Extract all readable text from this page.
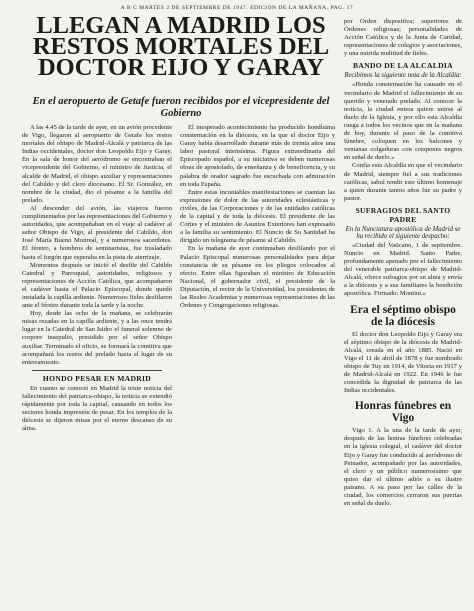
A B C MARTES 2 DE SEPTIEMBRE DE 1947. EDICION DE LA MAÑANA, PAG. 17
LLEGAN A MADRID LOS RESTOS MORTALES DEL DOCTOR EIJO Y GARAY
En el aeropuerto de Getafe fueron recibidos por el vicepresidente del Gobierno

A las 4.45 de la tarde de ayer, en un avión procedente de Vigo, llegaron al aeropuerto de Getafe los restos mortales del obispo de Madrid-Alcalá y patriarca de las Indias occidentales, doctor don Leopoldo Eijo y Garay. En la sala de honor del aeródromo se encontraban el vicepresidente del Gobierno, el ministro de Justicia, el alcalde de Madrid, el obispo auxiliar y representaciones del Cabildo y del clero diocesano. El Sr. González, en nombre de la ciudad, dio el pésame a la familia del prelado.

Al descender del avión, las viajeros fueron cumplimentados por las representaciones del Gobierno y autoridades, que acompañaban en el viaje al cadáver al señor Obispo de Vigo, al presidente del Cabildo, don José María Bueno Monreal, y a numerosos sacerdotes. El féretro, a hombros de seminaristas, fue trasladado hasta el furgón que esperaba en la pista de aterrizaje.

Momentos después se inició el desfile del Cabildo Catedral y Parroquial, autoridades, religiosos y representaciones de Acción Católica, que acompañaron el cadáver hasta el Palacio Episcopal, donde quedó instalada la capilla ardiente. Numerosos fieles desfilaron ante el féretro durante toda la tarde y la noche.

Hoy, desde las ocho de la mañana, se celebrarán misas rezadas en la capilla ardiente, y a las once tendrá lugar en la Catedral de San Isidro el funeral solemne de corpore insepulto, presidido por el señor Obispo auxiliar. Terminado el oficio, se formará la comitiva que acompañará los restos del prelado hasta el lugar de su enterramiento.

HONDO PESAR EN MADRID

En cuanto se conoció en Madrid la triste noticia del fallecimiento del patriarca-obispo, la noticia se extendió rápidamente por toda la capital, causando en todos los sectores honda impresión de pesar. En los templos de la diócesis se dijeron misas por el eterno descanso de su alma.

El inesperado acontecimiento ha producido hondísima consternación en la diócesis, en la que el doctor Eijo y Garay había desarrollado durante más de treinta años una labor pastoral intensísima. Figura extraordinaria del Episcopado español, a su iniciativa se deben numerosas obras de apostolado, de enseñanza y de beneficencia, y su palabra de orador sagrado fue escuchada con admiración en toda España.

Entre estas incontables manifestaciones se cuentan las expresiones de dolor de las autoridades eclesiásticas y civiles, de las Corporaciones y de las entidades católicas de la capital y de toda la diócesis. El presidente de las Cortes y el ministro de Asuntos Exteriores han expresado a la familia su sentimiento. El Nuncio de Su Santidad ha dirigido un telegrama de pésame al Cabildo.

En la mañana de ayer continuaban desfilando por el Palacio Episcopal numerosas personalidades para dejar constancia de su pésame en los pliegos colocados al efecto. Entre ellas figuraban el ministro de Educación Nacional, el gobernador civil, el presidente de la Diputación, el rector de la Universidad, los presidentes de las Reales Academias y numerosas representaciones de las Órdenes y Congregaciones religiosas.

por Orden dispositiva; superiores de Órdenes religiosas; personalidades de Acción Católica y de la Junta de Caridad, representaciones de colegios y asociaciones, y una nutrida multitud de fieles.

BANDO DE LA ALCALDIA
Recibimos la siguiente nota de la Alcaldía:

«Honda consternación ha causado en el vecindario de Madrid el fallecimiento de su querido y venerado prelado. Al conocer la noticia, la ciudad entera quiere unirse al duelo de la Iglesia, y por ello esta Alcaldía ruega a todos los vecinos que en la mañana de hoy, durante el paso de la comitiva fúnebre, coloquen en los balcones y ventanas colgaduras con crespones negros en señal de duelo.»

Confía esta Alcaldía en que el vecindario de Madrid, siempre fiel a sus tradiciones católicas, sabrá rendir este último homenaje a quien durante tantos años fue su padre y pastor.

SUFRAGIOS DEL SANTO PADRE
En la Nunciatura apostólica de Madrid se ha recibido el siguiente despacho:

«Ciudad del Vaticano, 1 de septiembre. Nuncio en Madrid. Santo Padre, profundamente apenado por el fallecimiento del venerable patriarca-obispo de Madrid-Alcalá, ofrece sufragios por su alma y envía a la diócesis y a sus familiares la bendición apostólica. Firmado: Montini.»

Era el séptimo obispo de la diócesis

El doctor don Leopoldo Eijo y Garay era el séptimo obispo de la diócesis de Madrid-Alcalá, creada en el año 1885. Nació en Vigo el 11 de abril de 1878 y fue nombrado obispo de Tuy en 1914, de Vitoria en 1917 y de Madrid-Alcalá en 1922. En 1946 le fue concedida la dignidad de patriarca de las Indias occidentales.

Honras fúnebres en Vigo

Vigo 1. A la una de la tarde de ayer, después de las honras fúnebres celebradas en la iglesia colegial, el cadáver del doctor Eijo y Garay fue conducido al aeródromo de Peinador, acompañado por las autoridades, el clero y un público numerosísimo que quiso dar el último adiós a su ilustre paisano. A su paso por las calles de la ciudad, los comercios cerraron sus puertas en señal de duelo.
